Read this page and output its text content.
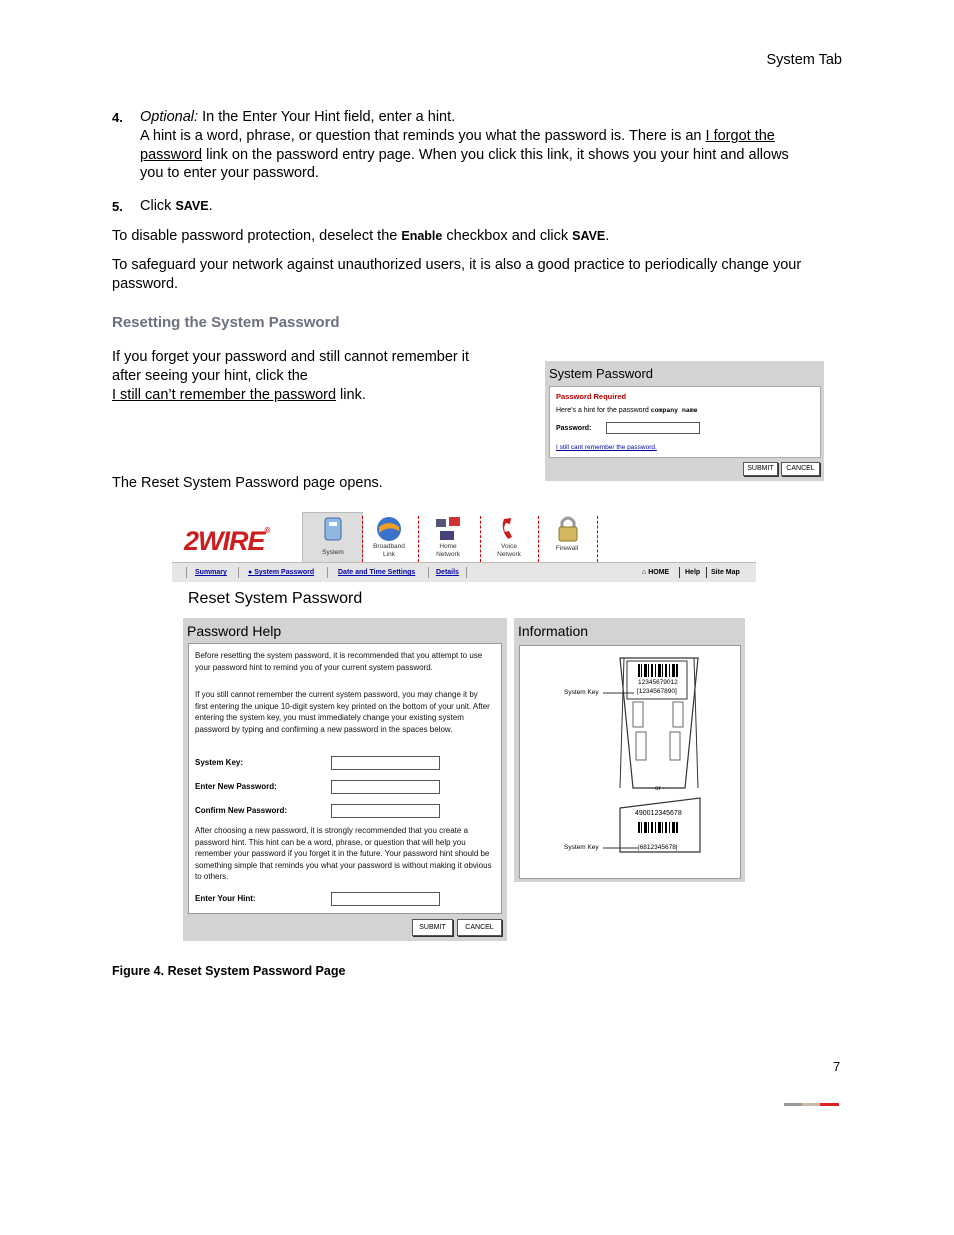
System Tab
4. Optional: In the Enter Your Hint field, enter a hint.
A hint is a word, phrase, or question that reminds you what the password is. There is an I forgot the
password link on the password entry page. When you click this link, it shows you your hint and allows
you to enter your password.
5. Click SAVE.
To disable password protection, deselect the Enable checkbox and click SAVE.
To safeguard your network against unauthorized users, it is also a good practice to periodically change your
password.
Resetting the System Password
If you forget your password and still cannot remember it
after seeing your hint, click the
I still can’t remember the password link.
The Reset System Password page opens.
System Password
Password Required
Here's a hint for the password company name
Password:
I still cant remember the password.
SUBMIT	CANCEL
2WIRE®
System
Broadband
Link
Home
Network
Voice
Network
Firewall
Summary	● System Password	Date and Time Settings	Details	⌂ HOME Help Site Map
Reset System Password
Password Help
Before resetting the system password, it is recommended that you attempt to use your password hint to remind you of your current system password.
If you still cannot remember the current system password, you may change it by first entering the unique 10-digit system key printed on the bottom of your unit. After entering the system key, you must immediately change your existing system password by typing and confirming a new password in the spaces below.
System Key:
Enter New Password:
Confirm New Password:
After choosing a new password, it is strongly recommended that you create a password hint. This hint can be a word, phrase, or question that will help you remember your password if you forget it in the future. Your password hint should be something simple that reminds you what your password is without making it obvious to others.
Enter Your Hint:
SUBMIT	CANCEL
Information
12345679012
[1234567890]
System Key
- or -
490012345678
System Key	|6812345678|
Figure 4. Reset System Password Page
7
